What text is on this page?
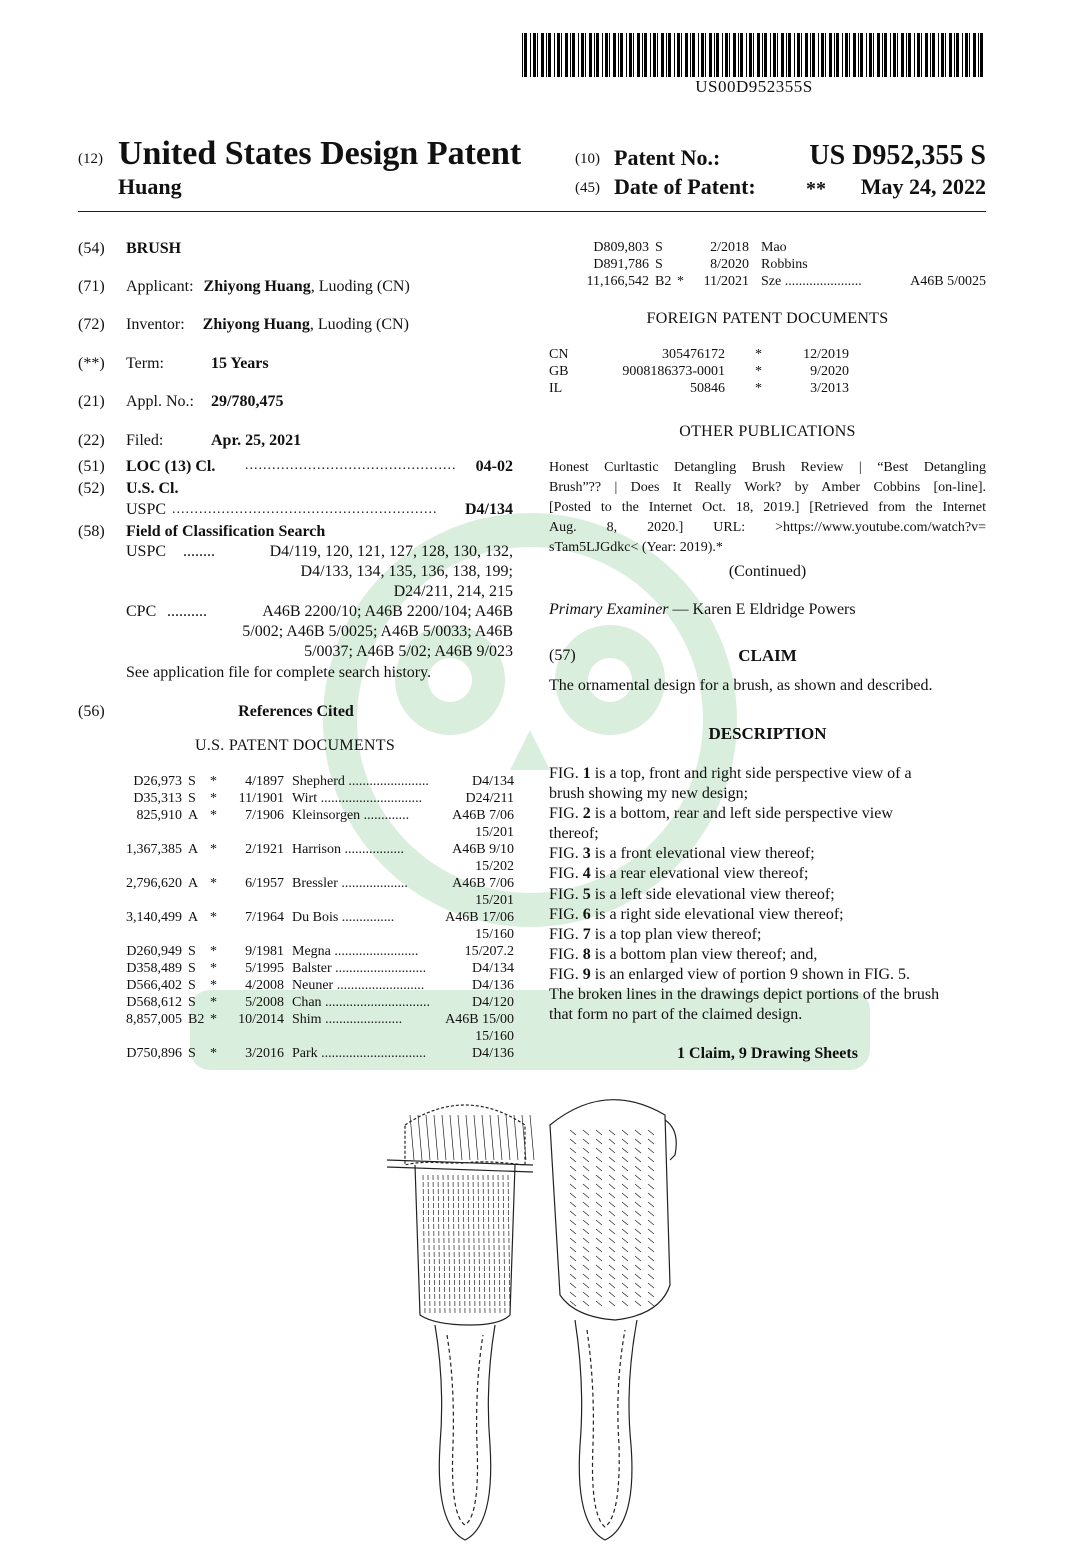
US00D952355S
(12) United States Design Patent
Huang
(10) Patent No.:	US D952,355 S
(45) Date of Patent:	**	May 24, 2022
(54) BRUSH
(71) Applicant: Zhiyong Huang, Luoding (CN)
(72) Inventor: Zhiyong Huang, Luoding (CN)
(**) Term:	15 Years
(21) Appl. No.: 29/780,475
(22) Filed:	Apr. 25, 2021
(51) LOC (13) Cl. ...............................................	04-02
(52) U.S. Cl.
USPC ...........................................................	D4/134
(58) Field of Classification Search
USPC ........	D4/119, 120, 121, 127, 128, 130, 132,
D4/133, 134, 135, 136, 138, 199;
D24/211, 214, 215
CPC ..........	A46B 2200/10; A46B 2200/104; A46B
5/002; A46B 5/0025; A46B 5/0033; A46B
5/0037; A46B 5/02; A46B 9/023
See application file for complete search history.
(56)	References Cited
U.S. PATENT DOCUMENTS
D26,973	S	*	4/1897	Shepherd .......................	D4/134
D35,313	S	*	11/1901	Wirt .............................	D24/211
825,910	A	*	7/1906	Kleinsorgen .............	A46B 7/06
15/201					
1,367,385	A	*	2/1921	Harrison .................	A46B 9/10
15/202					
2,796,620	A	*	6/1957	Bressler ...................	A46B 7/06
15/201					
3,140,499	A	*	7/1964	Du Bois ...............	A46B 17/06
15/160					
D260,949	S	*	9/1981	Megna ........................	15/207.2
D358,489	S	*	5/1995	Balster ..........................	D4/134
D566,402	S	*	4/2008	Neuner .........................	D4/136
D568,612	S	*	5/2008	Chan ..............................	D4/120
8,857,005	B2	*	10/2014	Shim ......................	A46B 15/00
15/160					
D750,896	S	*	3/2016	Park ..............................	D4/136
D809,803	S		2/2018	Mao	
D891,786	S		8/2020	Robbins	
11,166,542	B2	*	11/2021	Sze ......................	A46B 5/0025
FOREIGN PATENT DOCUMENTS
CN	305476172	*	12/2019
GB	9008186373-0001	*	9/2020
IL	50846	*	3/2013
OTHER PUBLICATIONS
Honest Curltastic Detangling Brush Review | “Best Detangling
Brush”?? | Does It Really Work? by Amber Cobbins [on-line].
[Posted to the Internet Oct. 18, 2019.] [Retrieved from the Internet
Aug. 8, 2020.] URL: >https://www.youtube.com/watch?v=
sTam5LJGdkc< (Year: 2019).*
(Continued)
Primary Examiner — Karen E Eldridge Powers
(57)	CLAIM
The ornamental design for a brush, as shown and described.
DESCRIPTION
FIG. 1 is a top, front and right side perspective view of a
brush showing my new design;
FIG. 2 is a bottom, rear and left side perspective view
thereof;
FIG. 3 is a front elevational view thereof;
FIG. 4 is a rear elevational view thereof;
FIG. 5 is a left side elevational view thereof;
FIG. 6 is a right side elevational view thereof;
FIG. 7 is a top plan view thereof;
FIG. 8 is a bottom plan view thereof; and,
FIG. 9 is an enlarged view of portion 9 shown in FIG. 5.
The broken lines in the drawings depict portions of the brush
that form no part of the claimed design.
1 Claim, 9 Drawing Sheets
